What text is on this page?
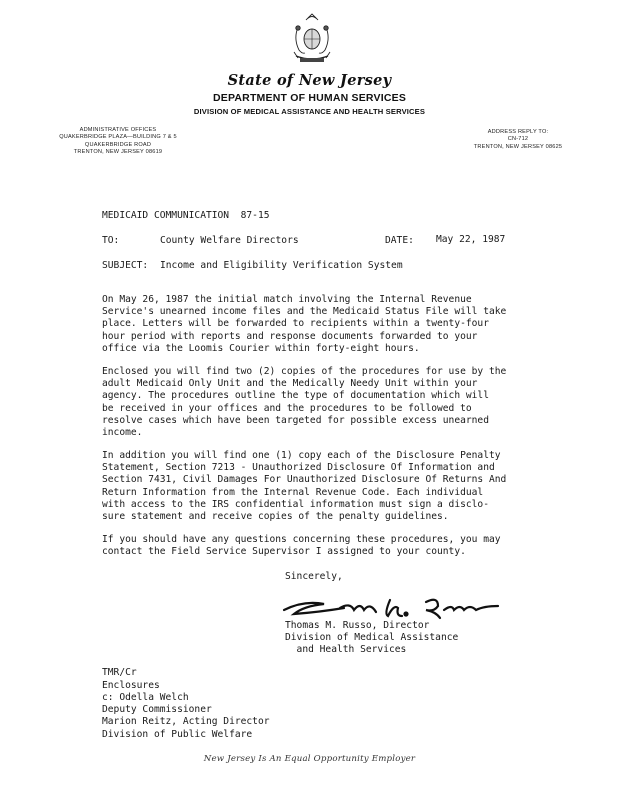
State of New Jersey
DEPARTMENT OF HUMAN SERVICES
DIVISION OF MEDICAL ASSISTANCE AND HEALTH SERVICES
ADMINISTRATIVE OFFICES
QUAKERBRIDGE PLAZA—BUILDING 7 & 5
QUAKERBRIDGE ROAD
TRENTON, NEW JERSEY 08619
ADDRESS REPLY TO:
CN-712
TRENTON, NEW JERSEY 08625
MEDICAID COMMUNICATION  87-15
TO:	County Welfare Directors	DATE: May 22, 1987
SUBJECT: Income and Eligibility Verification System
On May 26, 1987 the initial match involving the Internal Revenue
Service's unearned income files and the Medicaid Status File will take
place. Letters will be forwarded to recipients within a twenty-four
hour period with reports and response documents forwarded to your
office via the Loomis Courier within forty-eight hours.
Enclosed you will find two (2) copies of the procedures for use by the
adult Medicaid Only Unit and the Medically Needy Unit within your
agency. The procedures outline the type of documentation which will
be received in your offices and the procedures to be followed to
resolve cases which have been targeted for possible excess unearned
income.
In addition you will find one (1) copy each of the Disclosure Penalty
Statement, Section 7213 - Unauthorized Disclosure Of Information and
Section 7431, Civil Damages For Unauthorized Disclosure Of Returns And
Return Information from the Internal Revenue Code. Each individual
with access to the IRS confidential information must sign a disclo-
sure statement and receive copies of the penalty guidelines.
If you should have any questions concerning these procedures, you may
contact the Field Service Supervisor I assigned to your county.
Sincerely,
Thomas M. Russo, Director
Division of Medical Assistance
and Health Services
TMR/Cr
Enclosures
c: Odella Welch
Deputy Commissioner
Marion Reitz, Acting Director
Division of Public Welfare
New Jersey Is An Equal Opportunity Employer
